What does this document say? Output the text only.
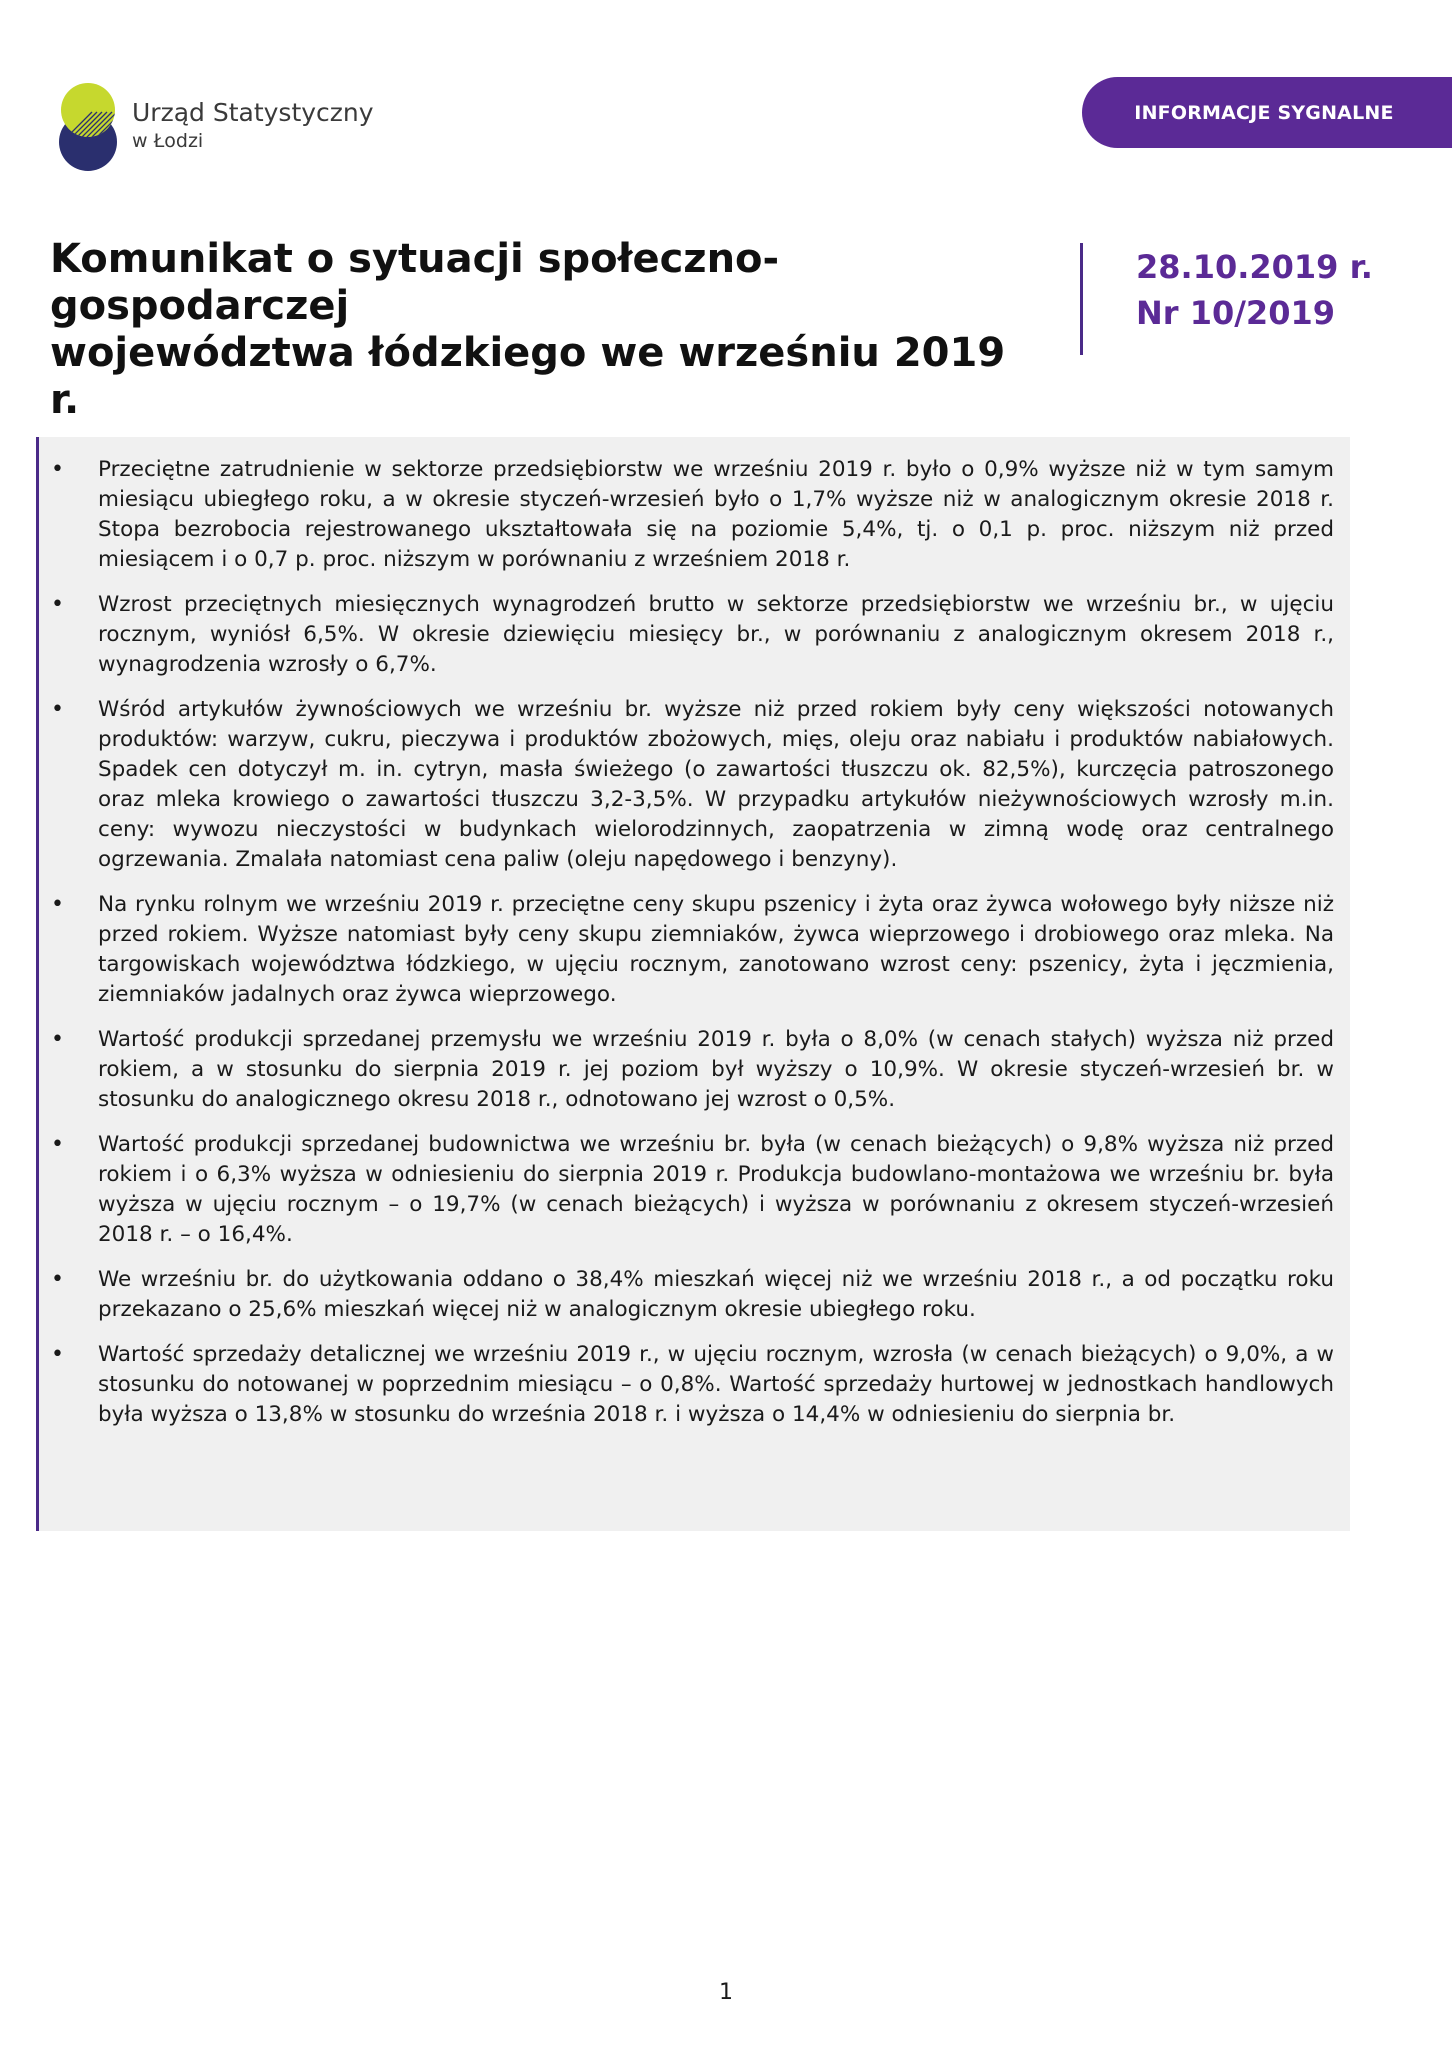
Urząd Statystyczny
w Łodzi
INFORMACJE SYGNALNE
Komunikat o sytuacji społeczno-gospodarczej
województwa łódzkiego we wrześniu 2019 r.
28.10.2019 r.
Nr 10/2019
• Przeciętne zatrudnienie w sektorze przedsiębiorstw we wrześniu 2019 r. było o 0,9% wyższe niż w tym samym miesiącu ubiegłego roku, a w okresie styczeń-wrzesień było o 1,7% wyższe niż w analogicznym okresie 2018 r. Stopa bezrobocia rejestrowanego ukształtowała się na poziomie 5,4%, tj. o 0,1 p. proc. niższym niż przed miesiącem i o 0,7 p. proc. niższym w porównaniu z wrześniem 2018 r.
• Wzrost przeciętnych miesięcznych wynagrodzeń brutto w sektorze przedsiębiorstw we wrześniu br., w ujęciu rocznym, wyniósł 6,5%. W okresie dziewięciu miesięcy br., w porównaniu z analogicznym okresem 2018 r., wynagrodzenia wzrosły o 6,7%.
• Wśród artykułów żywnościowych we wrześniu br. wyższe niż przed rokiem były ceny większości notowanych produktów: warzyw, cukru, pieczywa i produktów zbożowych, mięs, oleju oraz nabiału i produktów nabiałowych. Spadek cen dotyczył m. in. cytryn, masła świeżego (o zawartości tłuszczu ok. 82,5%), kurczęcia patroszonego oraz mleka krowiego o zawartości tłuszczu 3,2-3,5%. W przypadku artykułów nieżywnościowych wzrosły m.in. ceny: wywozu nieczystości w budynkach wielorodzinnych, zaopatrzenia w zimną wodę oraz centralnego ogrzewania. Zmalała natomiast cena paliw (oleju napędowego i benzyny).
• Na rynku rolnym we wrześniu 2019 r. przeciętne ceny skupu pszenicy i żyta oraz żywca wołowego były niższe niż przed rokiem. Wyższe natomiast były ceny skupu ziemniaków, żywca wieprzowego i drobiowego oraz mleka. Na targowiskach województwa łódzkiego, w ujęciu rocznym, zanotowano wzrost ceny: pszenicy, żyta i jęczmienia, ziemniaków jadalnych oraz żywca wieprzowego.
• Wartość produkcji sprzedanej przemysłu we wrześniu 2019 r. była o 8,0% (w cenach stałych) wyższa niż przed rokiem, a w stosunku do sierpnia 2019 r. jej poziom był wyższy o 10,9%. W okresie styczeń-wrzesień br. w stosunku do analogicznego okresu 2018 r., odnotowano jej wzrost o 0,5%.
• Wartość produkcji sprzedanej budownictwa we wrześniu br. była (w cenach bieżących) o 9,8% wyższa niż przed rokiem i o 6,3% wyższa w odniesieniu do sierpnia 2019 r. Produkcja budowlano-montażowa we wrześniu br. była wyższa w ujęciu rocznym – o 19,7% (w cenach bieżących) i wyższa w porównaniu z okresem styczeń-wrzesień 2018 r. – o 16,4%.
• We wrześniu br. do użytkowania oddano o 38,4% mieszkań więcej niż we wrześniu 2018 r., a od początku roku przekazano o 25,6% mieszkań więcej niż w analogicznym okresie ubiegłego roku.
• Wartość sprzedaży detalicznej we wrześniu 2019 r., w ujęciu rocznym, wzrosła (w cenach bieżących) o 9,0%, a w stosunku do notowanej w poprzednim miesiącu – o 0,8%. Wartość sprzedaży hurtowej w jednostkach handlowych była wyższa o 13,8% w stosunku do września 2018 r. i wyższa o 14,4% w odniesieniu do sierpnia br.
1
